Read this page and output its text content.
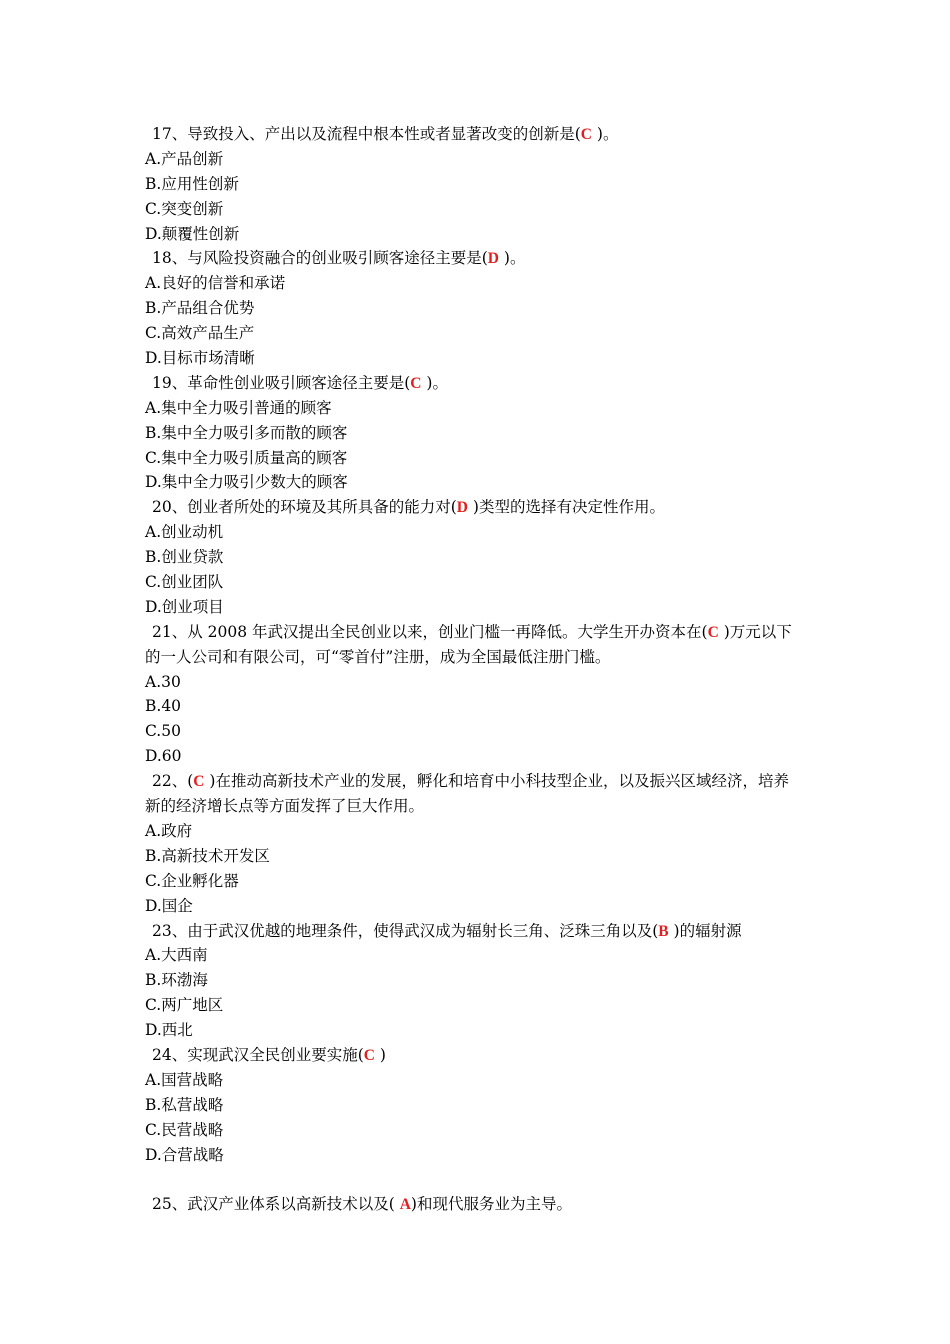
17、导致投入、产出以及流程中根本性或者显著改变的创新是(C )。
A.产品创新
B.应用性创新
C.突变创新
D.颠覆性创新
18、与风险投资融合的创业吸引顾客途径主要是(D )。
A.良好的信誉和承诺
B.产品组合优势
C.高效产品生产
D.目标市场清晰
19、革命性创业吸引顾客途径主要是(C )。
A.集中全力吸引普通的顾客
B.集中全力吸引多而散的顾客
C.集中全力吸引质量高的顾客
D.集中全力吸引少数大的顾客
20、创业者所处的环境及其所具备的能力对(D )类型的选择有决定性作用。
A.创业动机
B.创业贷款
C.创业团队
D.创业项目
21、从 2008 年武汉提出全民创业以来，创业门槛一再降低。大学生开办资本在(C )万元以下
的一人公司和有限公司，可“零首付”注册，成为全国最低注册门槛。
A.30
B.40
C.50
D.60
22、(C )在推动高新技术产业的发展，孵化和培育中小科技型企业，以及振兴区域经济，培养
新的经济增长点等方面发挥了巨大作用。
A.政府
B.高新技术开发区
C.企业孵化器
D.国企
23、由于武汉优越的地理条件，使得武汉成为辐射长三角、泛珠三角以及(B )的辐射源
A.大西南
B.环渤海
C.两广地区
D.西北
24、实现武汉全民创业要实施(C )
A.国营战略
B.私营战略
C.民营战略
D.合营战略
25、武汉产业体系以高新技术以及( A)和现代服务业为主导。
